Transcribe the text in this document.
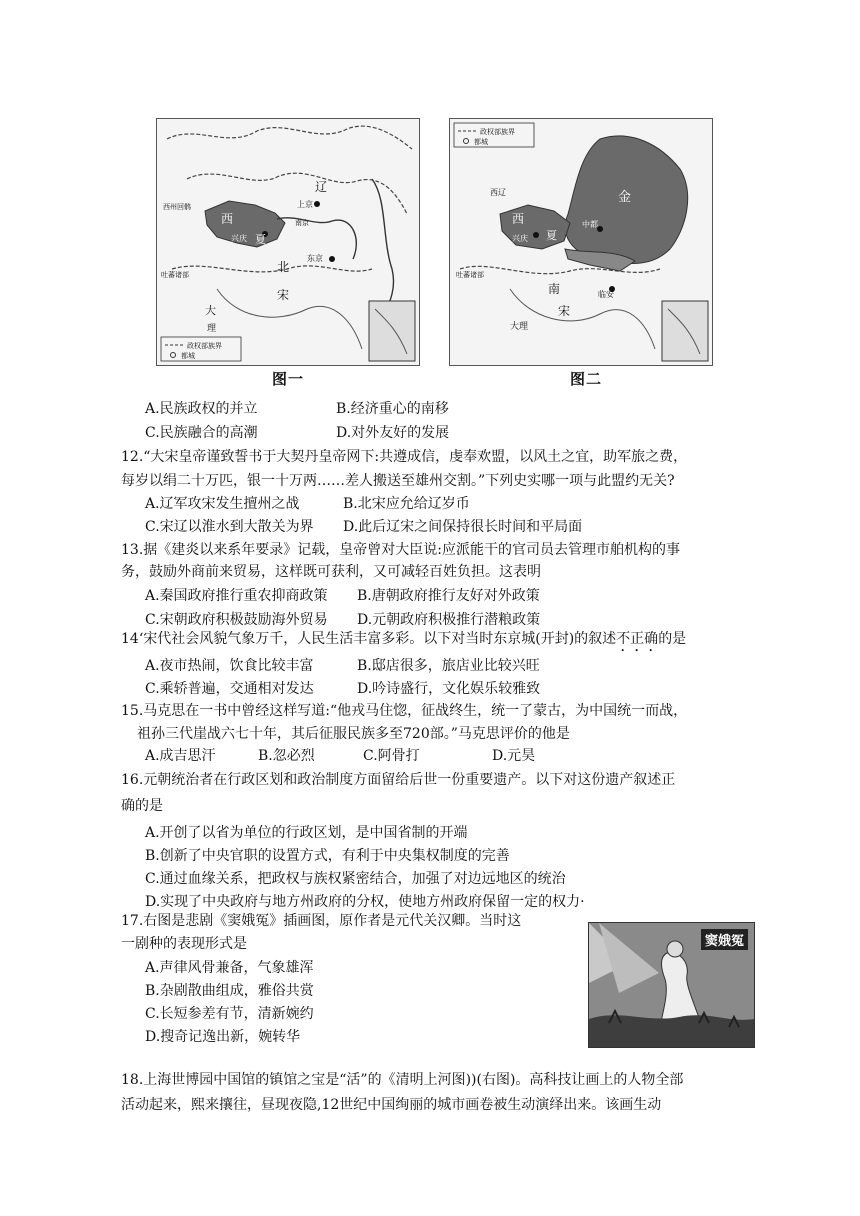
辽
上京
西
夏
兴庆
南京
东京
北
宋
大
西州回鹘
吐蕃诸部
理
政权部族界
都城
图一
金
中都
西
夏
兴庆
南
宋
临安
西辽
大理
吐蕃诸部
政权部族界
都城
图二
A.民族政权的并立	B.经济重心的南移
C.民族融合的高潮	D.对外友好的发展
12.“大宋皇帝谨致誓书于大契丹皇帝网下:共遵成信，虔奉欢盟，以风土之宜，助军旅之费，
每岁以绢二十万匹，银一十万两……差人搬送至雄州交割。”下列史实哪一项与此盟约无关?
A.辽军攻宋发生擅州之战	B.北宋应允给辽岁币
C.宋辽以淮水到大散关为界 D.此后辽宋之间保持很长时间和平局面
13.据《建炎以来系年要录》记载，皇帝曾对大臣说:应派能干的官司员去管理市舶机构的事
务，鼓励外商前来贸易，这样既可获利，又可减轻百姓负担。这表明
A.秦国政府推行重农抑商政策 B.唐朝政府推行友好对外政策
C.宋朝政府积极鼓励海外贸易 D.元朝政府积极推行潜粮政策
14‘宋代社会风貌气象万千，人民生活丰富多彩。以下对当时东京城(开封)的叙述不正确的是
A.夜市热闹，饮食比较丰富	B.邸店很多，旅店业比较兴旺
C.乘轿普遍，交通相对发达	D.吟诗盛行，文化娱乐较雅致
15.马克思在一书中曾经这样写道:“他戎马住惚，征战终生，统一了蒙古，为中国统一而战，
祖孙三代崖战六七十年，其后征服民族多至720部。”马克思评价的他是
A.成吉思汗	B.忽必烈	C.阿骨打	D.元昊
16.元朝统治者在行政区划和政治制度方面留给后世一份重要遗产。以下对这份遗产叙述正
确的是
A.开创了以省为单位的行政区划，是中国省制的开端
B.创新了中央官职的设置方式，有利于中央集权制度的完善
C.通过血缘关系，把政权与族权紧密结合，加强了对边远地区的统治
D.实现了中央政府与地方州政府的分权，使地方州政府保留一定的权力·
17.右图是悲剧《窦娥冤》插画图，原作者是元代关汉卿。当时这
一剧种的表现形式是
A.声律风骨兼备，气象雄浑
B.杂剧散曲组成，雅俗共赏
C.长短参差有节，清新婉约
D.搜奇记逸出新，婉转华
窦娥冤
18.上海世博园中国馆的镇馆之宝是“活”的《清明上河图))(右图)。高科技让画上的人物全部
活动起来，熙来攘往，昼现夜隐,12世纪中国绚丽的城市画卷被生动演绎出来。该画生动
